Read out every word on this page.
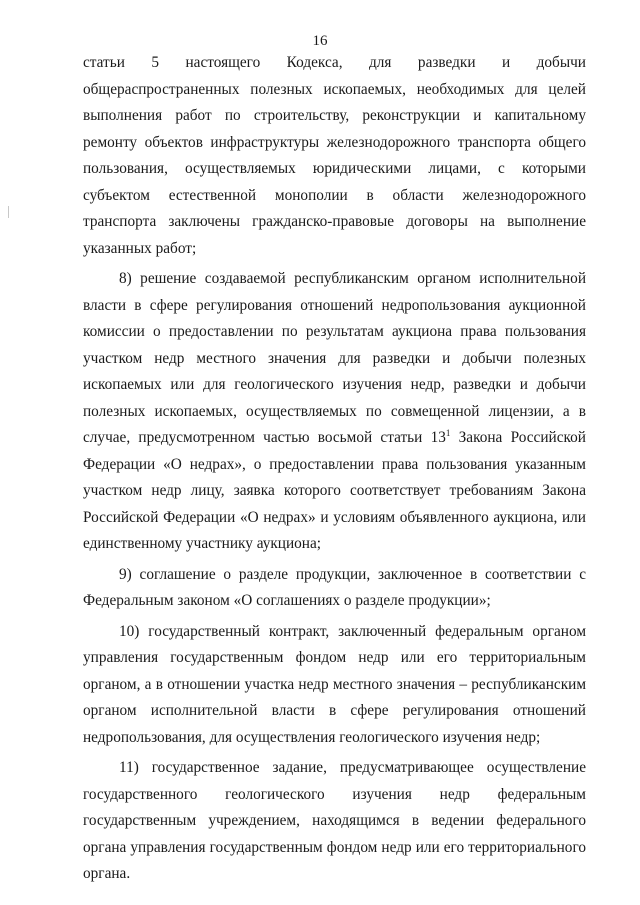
16

статьи 5 настоящего Кодекса, для разведки и добычи общераспространенных полезных ископаемых, необходимых для целей выполнения работ по строительству, реконструкции и капитальному ремонту объектов инфраструктуры железнодорожного транспорта общего пользования, осуществляемых юридическими лицами, с которыми субъектом естественной монополии в области железнодорожного транспорта заключены гражданско-правовые договоры на выполнение указанных работ;

8) решение создаваемой республиканским органом исполнительной власти в сфере регулирования отношений недропользования аукционной комиссии о предоставлении по результатам аукциона права пользования участком недр местного значения для разведки и добычи полезных ископаемых или для геологического изучения недр, разведки и добычи полезных ископаемых, осуществляемых по совмещенной лицензии, а в случае, предусмотренном частью восьмой статьи $13^1$ Закона Российской Федерации «О недрах», о предоставлении права пользования указанным участком недр лицу, заявка которого соответствует требованиям Закона Российской Федерации «О недрах» и условиям объявленного аукциона, или единственному участнику аукциона;

9) соглашение о разделе продукции, заключенное в соответствии с Федеральным законом «О соглашениях о разделе продукции»;

10) государственный контракт, заключенный федеральным органом управления государственным фондом недр или его территориальным органом, а в отношении участка недр местного значения – республиканским органом исполнительной власти в сфере регулирования отношений недропользования, для осуществления геологического изучения недр;

11) государственное задание, предусматривающее осуществление государственного геологического изучения недр федеральным государственным учреждением, находящимся в ведении федерального органа управления государственным фондом недр или его территориального органа.
